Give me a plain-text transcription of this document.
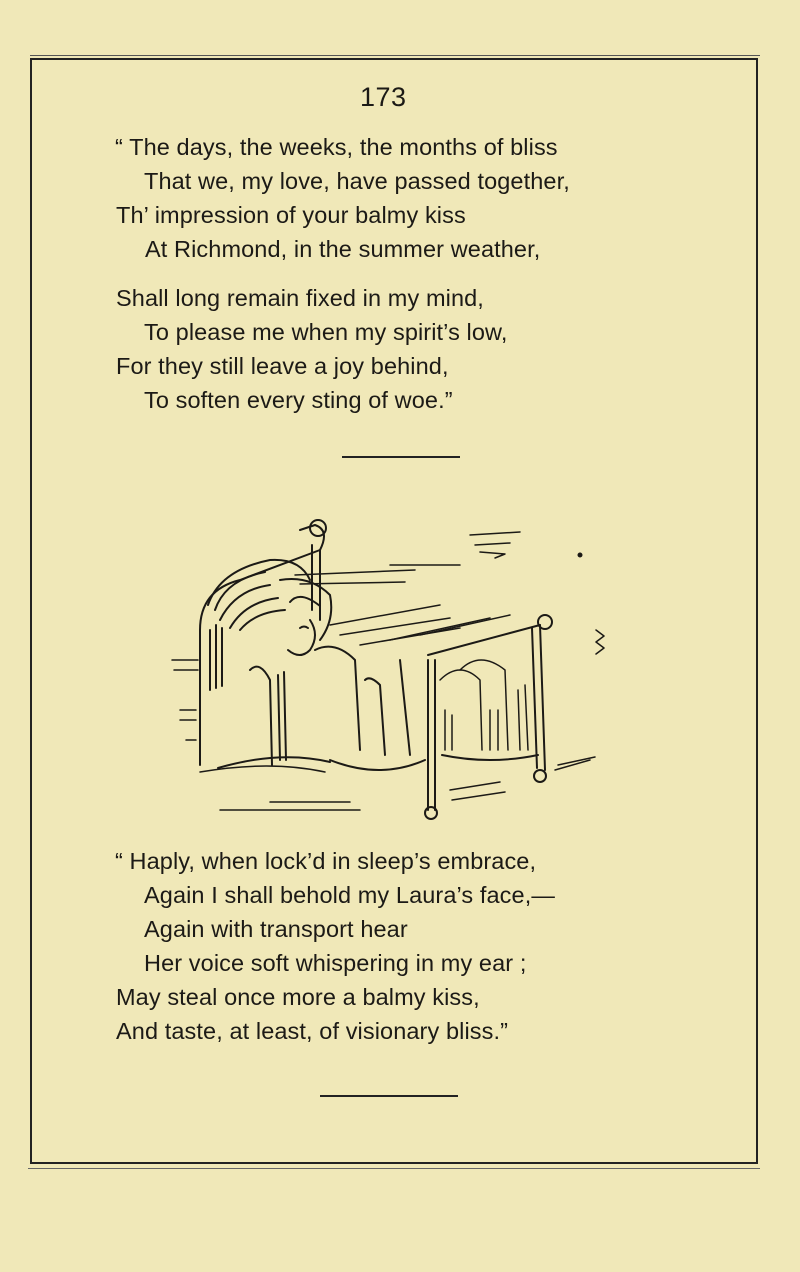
173
“ The days, the weeks, the months of bliss
That we, my love, have passed together,
Th’ impression of your balmy kiss
At Richmond, in the summer weather,
Shall long remain fixed in my mind,
To please me when my spirit’s low,
For they still leave a joy behind,
To soften every sting of woe.”
“ Haply, when lock’d in sleep’s embrace,
Again I shall behold my Laura’s face,—
Again with transport hear
Her voice soft whispering in my ear ;
May steal once more a balmy kiss,
And taste, at least, of visionary bliss.”
